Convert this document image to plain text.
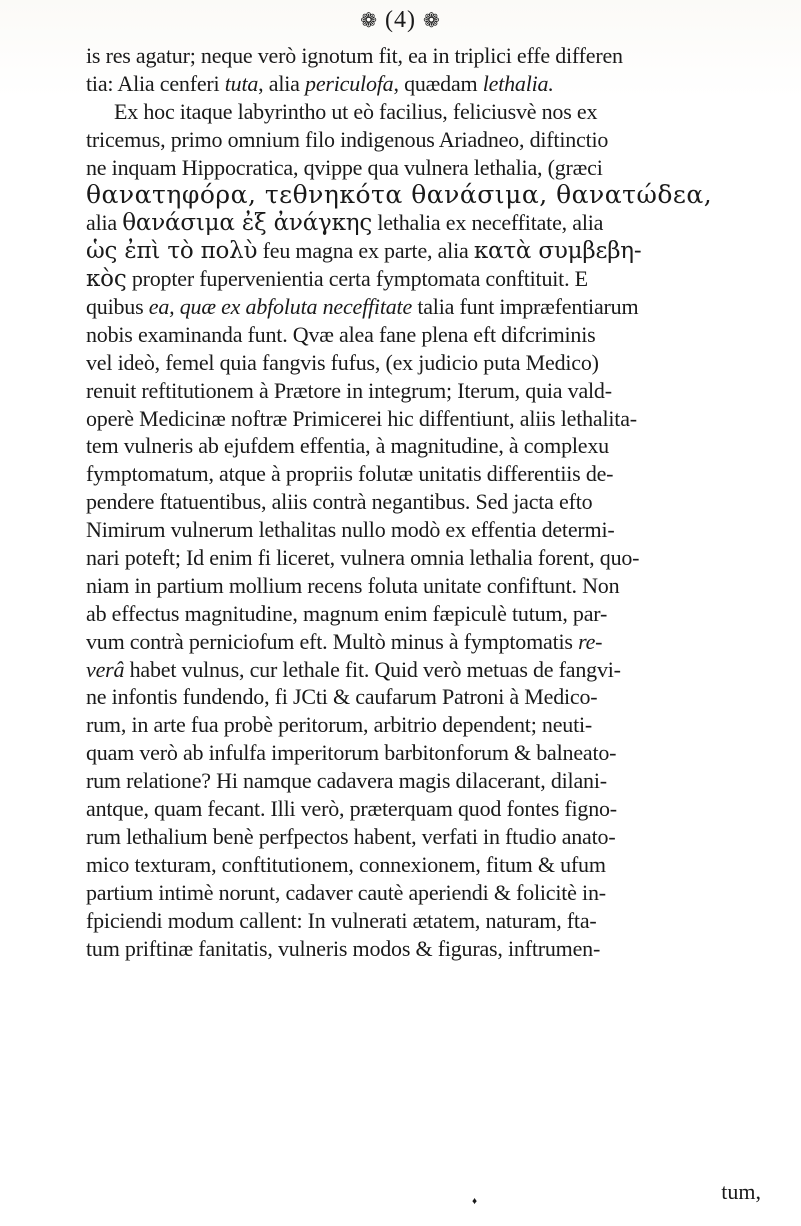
❁ (4) ❁
is res agatur; neque verò ignotum fit, ea in triplici effe differen
tia: Alia cenferi tuta, alia periculofa, quædam lethalia.
Ex hoc itaque labyrintho ut eò facilius, feliciusvè nos ex
tricemus, primo omnium filo indigenous Ariadneo, diftinctio
ne inquam Hippocratica, qvippe qua vulnera lethalia, (græci
θανατηφόρα, τεθνηκότα θανάσιμα, θανατώδεα,
alia θανάσιμα ἐξ ἀνάγκης lethalia ex neceffitate, alia
ὡς ἐπὶ τὸ πολὺ feu magna ex parte, alia κατὰ συμβεβη-
κὸς propter fupervenientia certa fymptomata conftituit. E
quibus ea, quæ ex abfoluta neceffitate talia funt impræfentiarum
nobis examinanda funt. Qvæ alea fane plena eft difcriminis
vel ideò, femel quia fangvis fufus, (ex judicio puta Medico)
renuit reftitutionem à Prætore in integrum; Iterum, quia vald-
operè Medicinæ noftræ Primicerei hic diffentiunt, aliis lethalita-
tem vulneris ab ejufdem effentia, à magnitudine, à complexu
fymptomatum, atque à propriis folutæ unitatis differentiis de-
pendere ftatuentibus, aliis contrà negantibus. Sed jacta efto
Nimirum vulnerum lethalitas nullo modò ex effentia determi-
nari poteft; Id enim fi liceret, vulnera omnia lethalia forent, quo-
niam in partium mollium recens foluta unitate confiftunt. Non
ab effectus magnitudine, magnum enim fæpiculè tutum, par-
vum contrà perniciofum eft. Multò minus à fymptomatis re-
verâ habet vulnus, cur lethale fit. Quid verò metuas de fangvi-
ne infontis fundendo, fi JCti & caufarum Patroni à Medico-
rum, in arte fua probè peritorum, arbitrio dependent; neuti-
quam verò ab infulfa imperitorum barbitonforum & balneato-
rum relatione? Hi namque cadavera magis dilacerant, dilani-
antque, quam fecant. Illi verò, præterquam quod fontes figno-
rum lethalium benè perfpectos habent, verfati in ftudio anato-
mico texturam, conftitutionem, connexionem, fitum & ufum
partium intimè norunt, cadaver cautè aperiendi & folicitè in-
fpiciendi modum callent: In vulnerati ætatem, naturam, fta-
tum priftinæ fanitatis, vulneris modos & figuras, inftrumen-
♦	tum,
